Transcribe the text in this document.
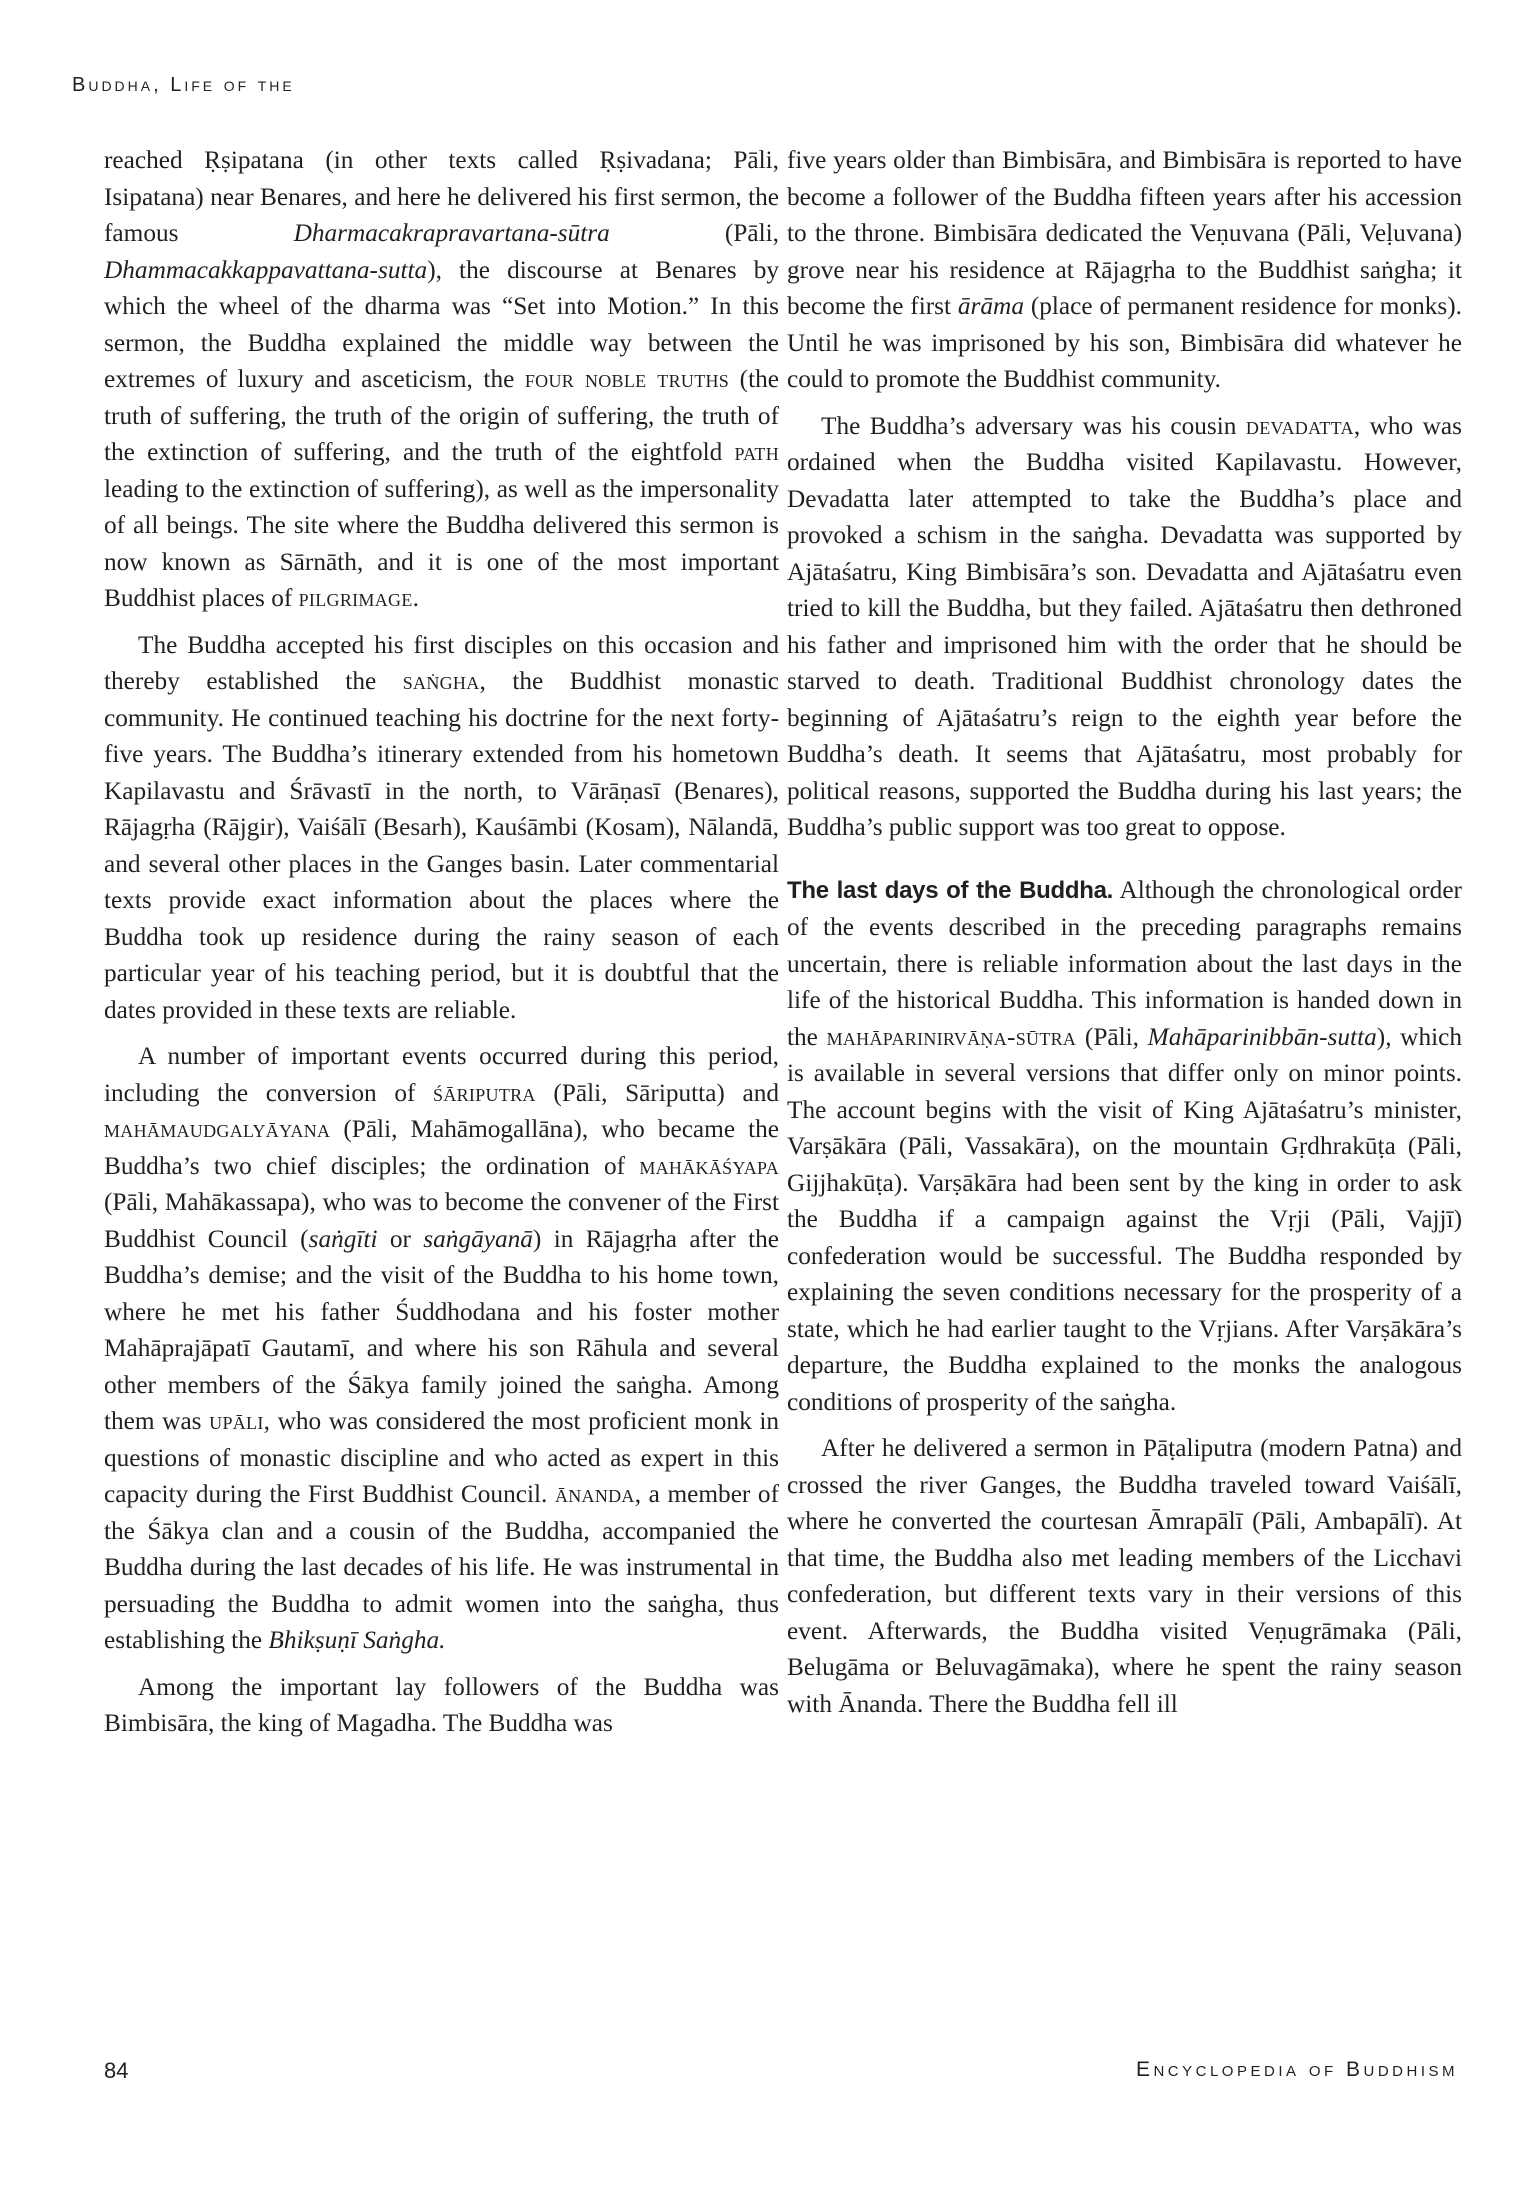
Buddha, Life of the

reached Ṛṣipatana (in other texts called Ṛṣivadana; Pāli, Isipatana) near Benares, and here he delivered his first sermon, the famous Dharmacakrapravartana-sūtra (Pāli, Dhammacakkappavattana-sutta), the discourse at Benares by which the wheel of the dharma was “Set into Motion.” In this sermon, the Buddha explained the middle way between the extremes of luxury and asceticism, the four noble truths (the truth of suffering, the truth of the origin of suffering, the truth of the extinction of suffering, and the truth of the eightfold path leading to the extinction of suffering), as well as the impersonality of all beings. The site where the Buddha delivered this sermon is now known as Sārnāth, and it is one of the most important Buddhist places of pilgrimage.

The Buddha accepted his first disciples on this occasion and thereby established the saṅgha, the Buddhist monastic community. He continued teaching his doctrine for the next forty-five years. The Buddha’s itinerary extended from his hometown Kapilavastu and Śrāvastī in the north, to Vārāṇasī (Benares), Rājagṛha (Rājgir), Vaiśālī (Besarh), Kauśāmbi (Kosam), Nālandā, and several other places in the Ganges basin. Later commentarial texts provide exact information about the places where the Buddha took up residence during the rainy season of each particular year of his teaching period, but it is doubtful that the dates provided in these texts are reliable.

A number of important events occurred during this period, including the conversion of śāriputra (Pāli, Sāriputta) and mahāmaudgalyāyana (Pāli, Mahāmogallāna), who became the Buddha’s two chief disciples; the ordination of mahākāśyapa (Pāli, Mahākassapa), who was to become the convener of the First Buddhist Council (saṅgīti or saṅgāyanā) in Rājagṛha after the Buddha’s demise; and the visit of the Buddha to his home town, where he met his father Śuddhodana and his foster mother Mahāprajāpatī Gautamī, and where his son Rāhula and several other members of the Śākya family joined the saṅgha. Among them was upāli, who was considered the most proficient monk in questions of monastic discipline and who acted as expert in this capacity during the First Buddhist Council. ānanda, a member of the Śākya clan and a cousin of the Buddha, accompanied the Buddha during the last decades of his life. He was instrumental in persuading the Buddha to admit women into the saṅgha, thus establishing the Bhikṣuṇī Saṅgha.

Among the important lay followers of the Buddha was Bimbisāra, the king of Magadha. The Buddha was

five years older than Bimbisāra, and Bimbisāra is reported to have become a follower of the Buddha fifteen years after his accession to the throne. Bimbisāra dedicated the Veṇuvana (Pāli, Veḷuvana) grove near his residence at Rājagṛha to the Buddhist saṅgha; it become the first ārāma (place of permanent residence for monks). Until he was imprisoned by his son, Bimbisāra did whatever he could to promote the Buddhist community.

The Buddha’s adversary was his cousin devadatta, who was ordained when the Buddha visited Kapilavastu. However, Devadatta later attempted to take the Buddha’s place and provoked a schism in the saṅgha. Devadatta was supported by Ajātaśatru, King Bimbisāra’s son. Devadatta and Ajātaśatru even tried to kill the Buddha, but they failed. Ajātaśatru then dethroned his father and imprisoned him with the order that he should be starved to death. Traditional Buddhist chronology dates the beginning of Ajātaśatru’s reign to the eighth year before the Buddha’s death. It seems that Ajātaśatru, most probably for political reasons, supported the Buddha during his last years; the Buddha’s public support was too great to oppose.

The last days of the Buddha. Although the chronological order of the events described in the preceding paragraphs remains uncertain, there is reliable information about the last days in the life of the historical Buddha. This information is handed down in the mahāparinirvāṇa-sūtra (Pāli, Mahāparinibbān-sutta), which is available in several versions that differ only on minor points. The account begins with the visit of King Ajātaśatru’s minister, Varṣākāra (Pāli, Vassakāra), on the mountain Gṛdhrakūṭa (Pāli, Gijjhakūṭa). Varṣākāra had been sent by the king in order to ask the Buddha if a campaign against the Vṛji (Pāli, Vajjī) confederation would be successful. The Buddha responded by explaining the seven conditions necessary for the prosperity of a state, which he had earlier taught to the Vṛjians. After Varṣākāra’s departure, the Buddha explained to the monks the analogous conditions of prosperity of the saṅgha.

After he delivered a sermon in Pāṭaliputra (modern Patna) and crossed the river Ganges, the Buddha traveled toward Vaiśālī, where he converted the courtesan Āmrapālī (Pāli, Ambapālī). At that time, the Buddha also met leading members of the Licchavi confederation, but different texts vary in their versions of this event. Afterwards, the Buddha visited Veṇugrāmaka (Pāli, Belugāma or Beluvagāmaka), where he spent the rainy season with Ānanda. There the Buddha fell ill

84	Encyclopedia of Buddhism
